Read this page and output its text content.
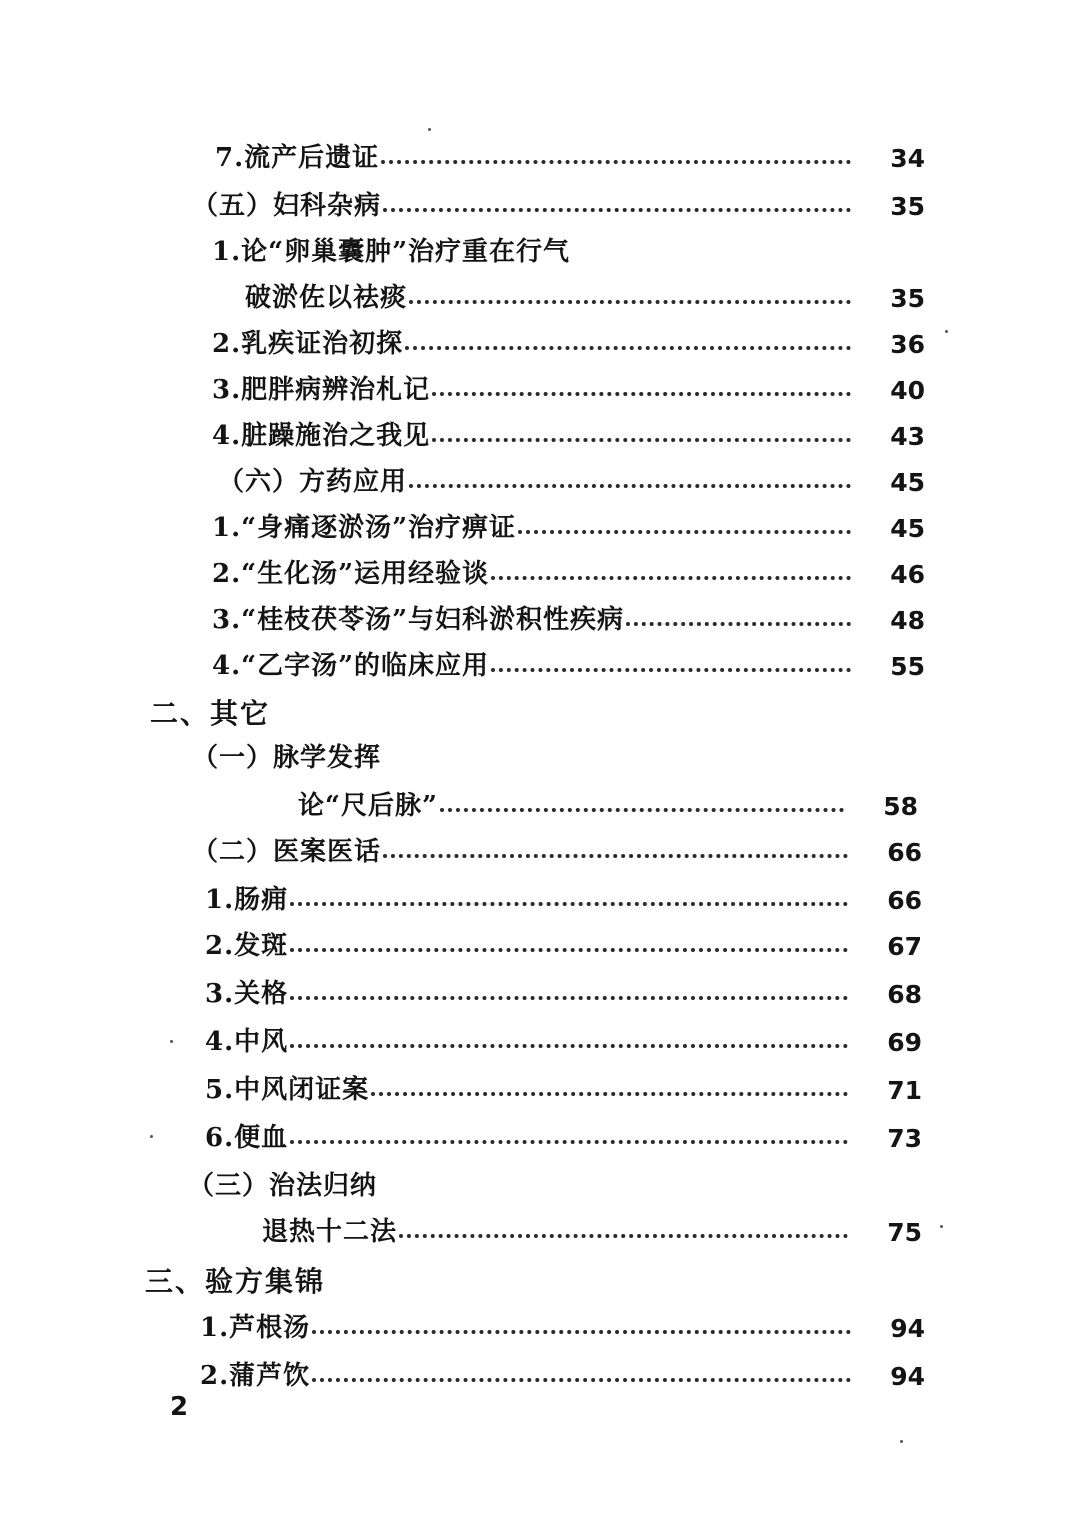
7.流产后遗证	34
（五）妇科杂病	35
1.论“卵巢囊肿”治疗重在行气
破淤佐以祛痰	35
2.乳疾证治初探	36
3.肥胖病辨治札记	40
4.脏躁施治之我见	43
（六）方药应用	45
1.“身痛逐淤汤”治疗痹证	45
2.“生化汤”运用经验谈	46
3.“桂枝茯苓汤”与妇科淤积性疾病	48
4.“乙字汤”的临床应用	55
二、其它
（一）脉学发挥
论“尺后脉”	58
（二）医案医话	66
1.肠痈	66
2.发斑	67
3.关格	68
4.中风	69
5.中风闭证案	71
6.便血	73
（三）治法归纳
退热十二法	75
三、验方集锦
1.芦根汤	94
2.蒲芦饮	94
2
